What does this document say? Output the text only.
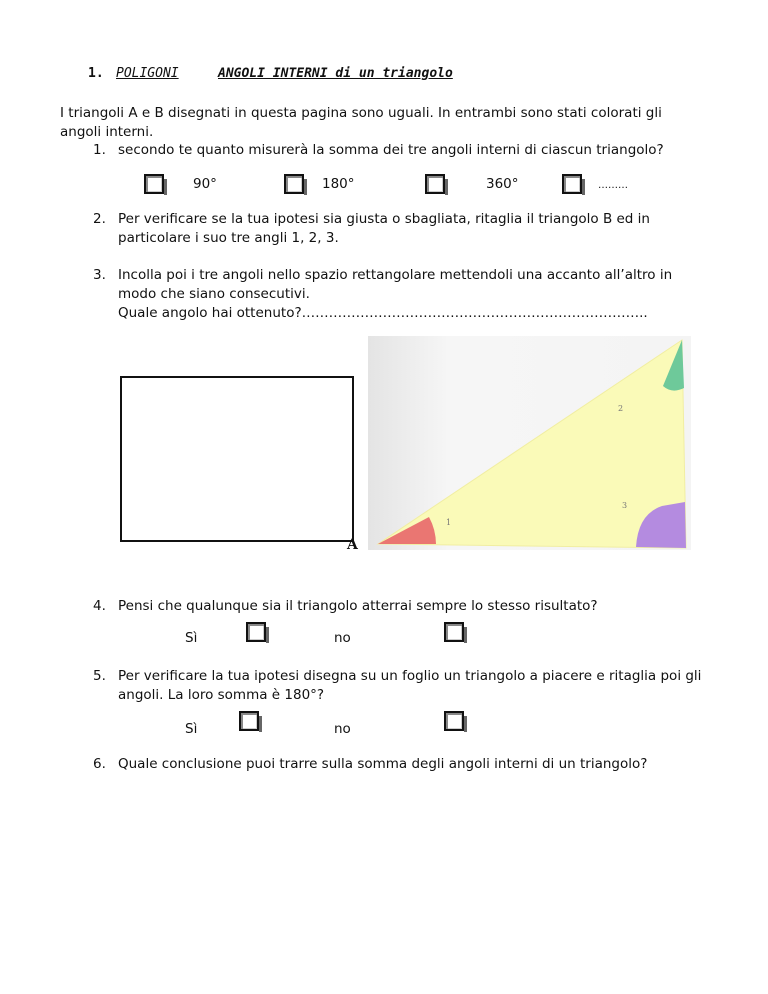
1. POLIGONI	ANGOLI INTERNI di un triangolo
I triangoli A e B disegnati in questa pagina sono uguali. In entrambi sono stati colorati gli
angoli interni.
1. secondo te quanto misurerà la somma dei tre angoli interni di ciascun triangolo?
90°	180°	360°	………
2. Per verificare se la tua ipotesi sia giusta o sbagliata, ritaglia il triangolo B ed in
particolare i suo tre angli 1, 2, 3.
3. Incolla poi i tre angoli nello spazio rettangolare mettendoli una accanto all’altro in
modo che siano consecutivi.
Quale angolo hai ottenuto?…………………………………………………………………..
A
1
2
3
4. Pensi che qualunque sia il triangolo atterrai sempre lo stesso risultato?
Sì	no
5. Per verificare la tua ipotesi disegna su un foglio un triangolo a piacere e ritaglia poi gli
angoli. La loro somma è 180°?
Sì	no
6. Quale conclusione puoi trarre sulla somma degli angoli interni di un triangolo?
